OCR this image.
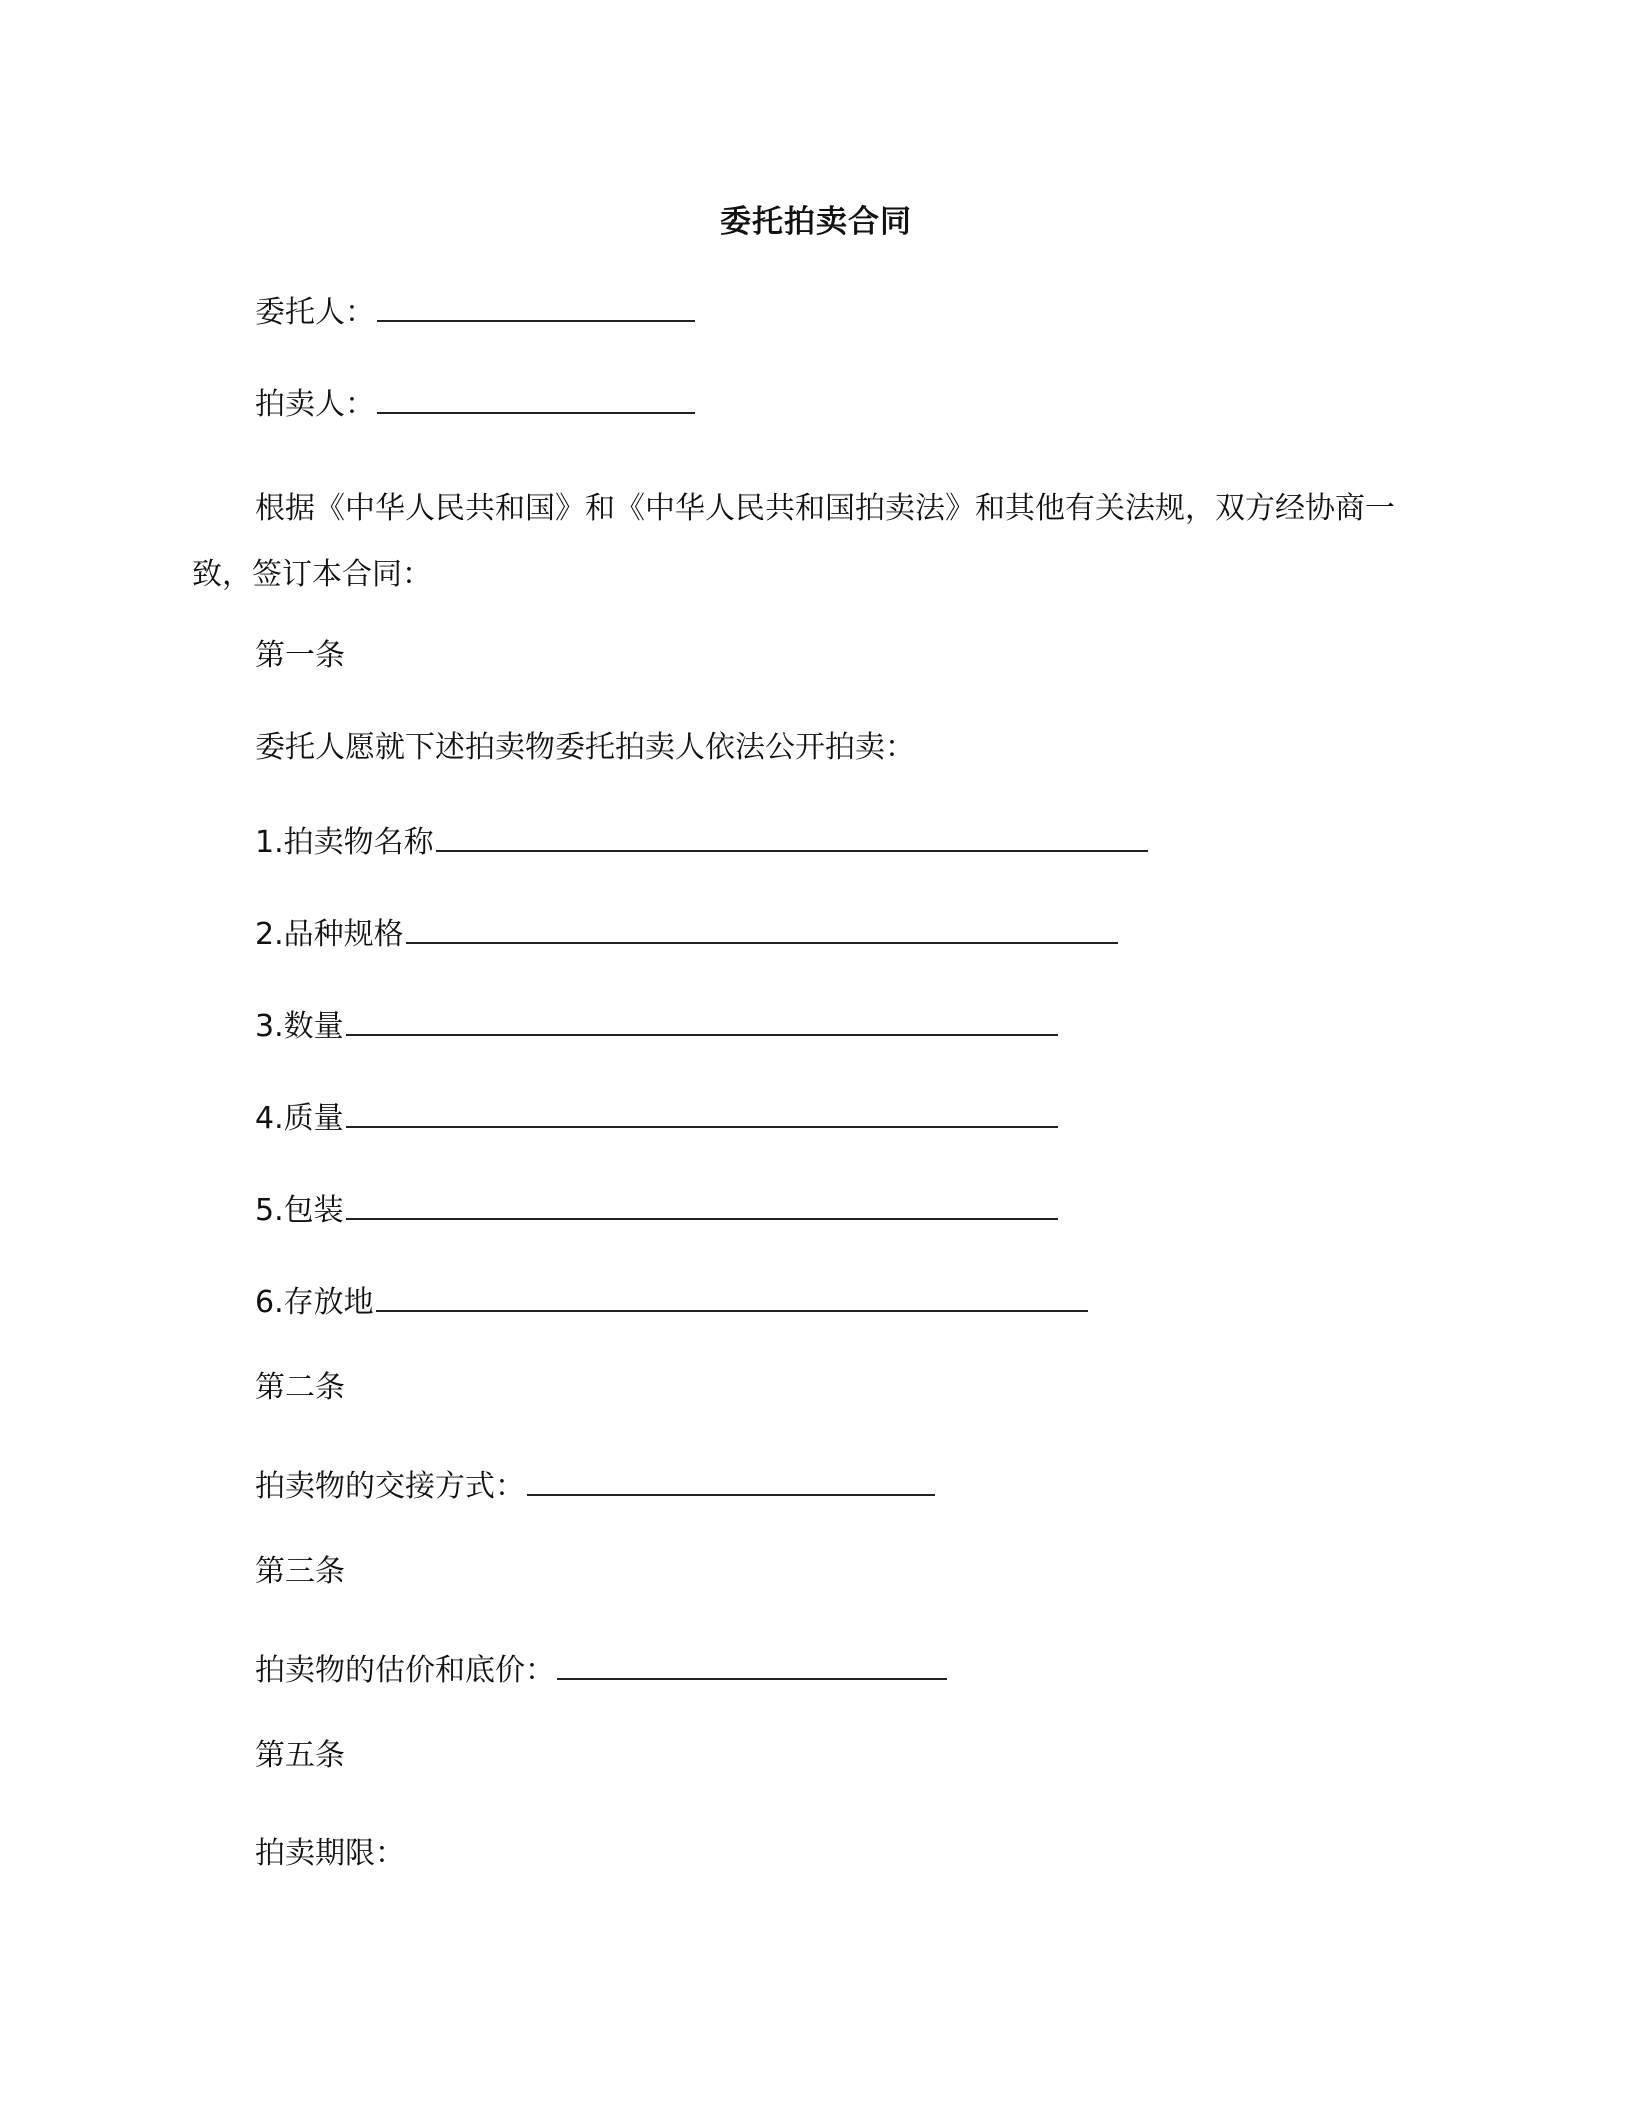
委托拍卖合同
委托人：
拍卖人：
根据《中华人民共和国》和《中华人民共和国拍卖法》和其他有关法规，双方经协商一致，签订本合同：
第一条
委托人愿就下述拍卖物委托拍卖人依法公开拍卖：
1.拍卖物名称
2.品种规格
3.数量
4.质量
5.包装
6.存放地
第二条
拍卖物的交接方式：
第三条
拍卖物的估价和底价：
第五条
拍卖期限：
